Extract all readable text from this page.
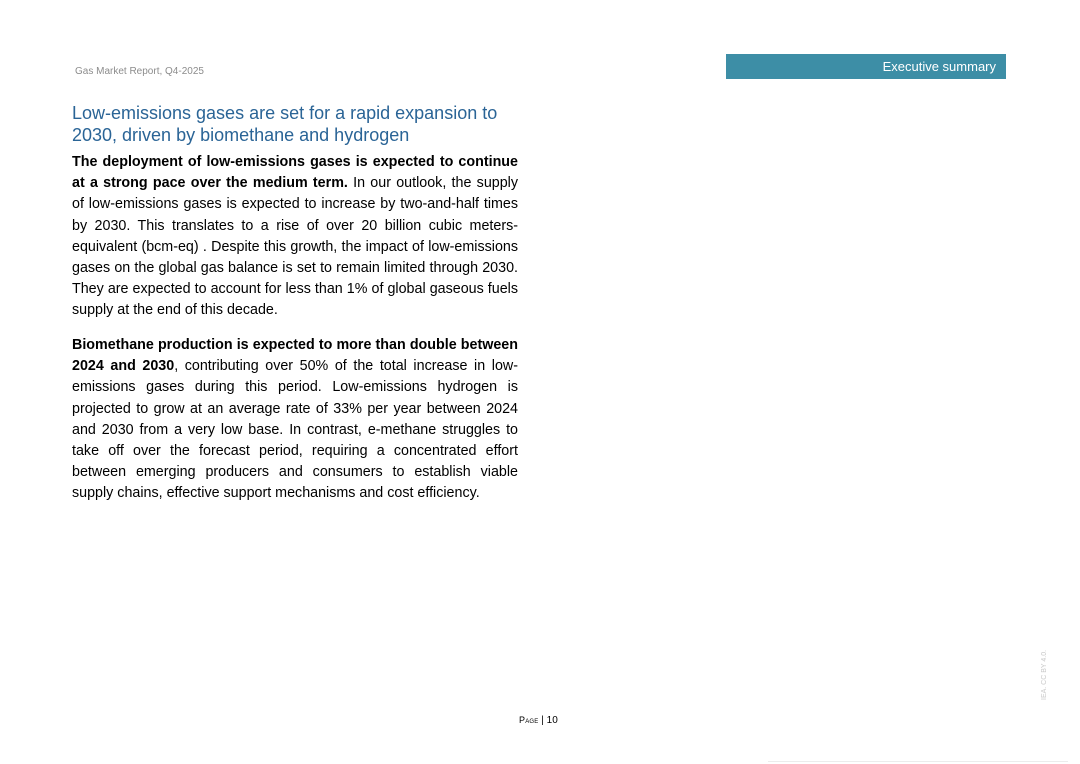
Gas Market Report, Q4-2025	Executive summary
Low-emissions gases are set for a rapid expansion to 2030, driven by biomethane and hydrogen

The deployment of low-emissions gases is expected to continue at a strong pace over the medium term. In our outlook, the supply of low-emissions gases is expected to increase by two-and-half times by 2030. This translates to a rise of over 20 billion cubic meters-equivalent (bcm-eq) . Despite this growth, the impact of low-emissions gases on the global gas balance is set to remain limited through 2030. They are expected to account for less than 1% of global gaseous fuels supply at the end of this decade.

Biomethane production is expected to more than double between 2024 and 2030, contributing over 50% of the total increase in low-emissions gases during this period. Low-emissions hydrogen is projected to grow at an average rate of 33% per year between 2024 and 2030 from a very low base. In contrast, e-methane struggles to take off over the forecast period, requiring a concentrated effort between emerging producers and consumers to establish viable supply chains, effective support mechanisms and cost efficiency.

Page | 10
IEA. CC BY 4.0.
